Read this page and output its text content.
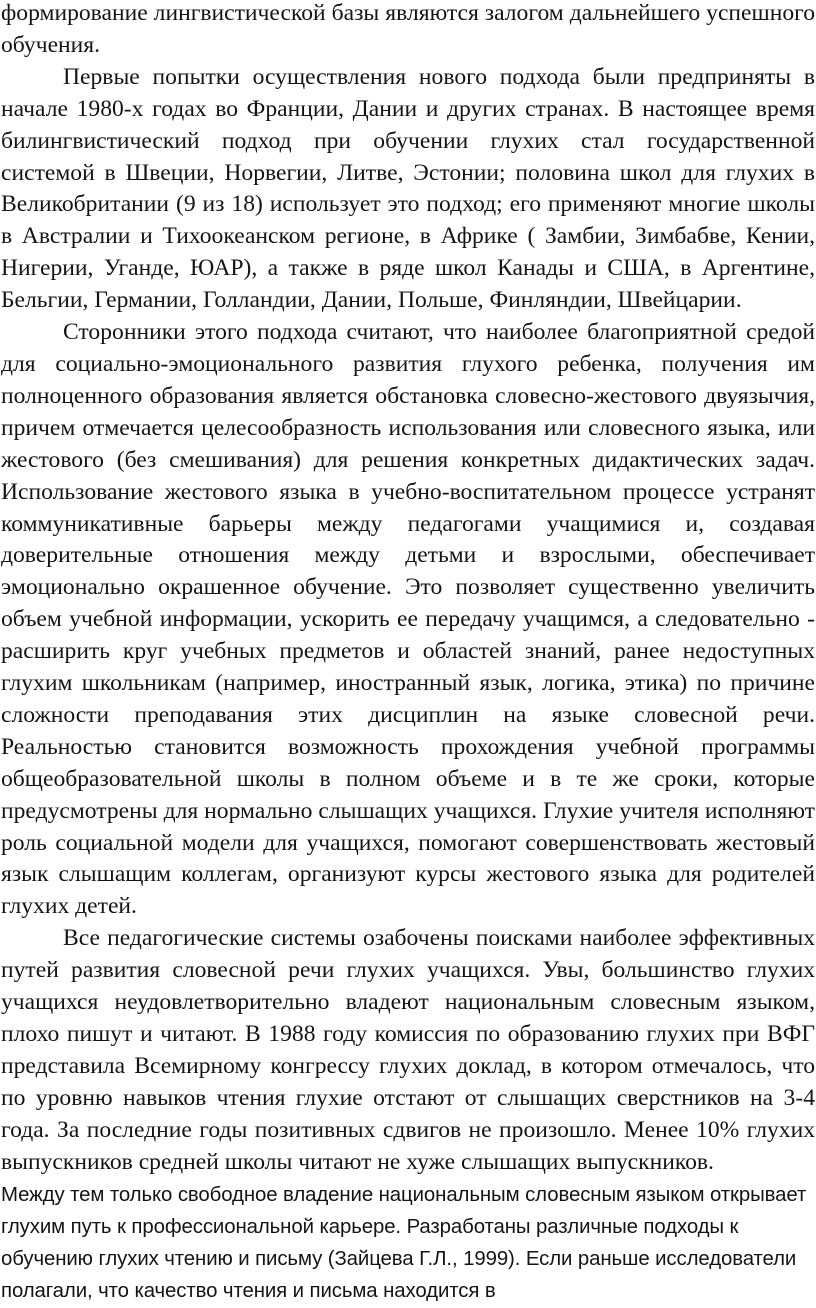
формирование лингвистической базы являются залогом дальнейшего успешного обучения.

Первые попытки осуществления нового подхода были предприняты в начале 1980-х годах во Франции, Дании и других странах. В настоящее время билингвистический подход при обучении глухих стал государственной системой в Швеции, Норвегии, Литве, Эстонии; половина школ для глухих в Великобритании (9 из 18) использует это подход; его применяют многие школы в Австралии и Тихоокеанском регионе, в Африке ( Замбии, Зимбабве, Кении, Нигерии, Уганде, ЮАР), а также в ряде школ Канады и США, в Аргентине, Бельгии, Германии, Голландии, Дании, Польше, Финляндии, Швейцарии.

Сторонники этого подхода считают, что наиболее благоприятной средой для социально-эмоционального развития глухого ребенка, получения им полноценного образования является обстановка словесно-жестового двуязычия, причем отмечается целесообразность использования или словесного языка, или жестового (без смешивания) для решения конкретных дидактических задач. Использование жестового языка в учебно-воспитательном процессе устранят коммуникативные барьеры между педагогами учащимися и, создавая доверительные отношения между детьми и взрослыми, обеспечивает эмоционально окрашенное обучение. Это позволяет существенно увеличить объем учебной информации, ускорить ее передачу учащимся, а следовательно - расширить круг учебных предметов и областей знаний, ранее недоступных глухим школьникам (например, иностранный язык, логика, этика) по причине сложности преподавания этих дисциплин на языке словесной речи. Реальностью становится возможность прохождения учебной программы общеобразовательной школы в полном объеме и в те же сроки, которые предусмотрены для нормально слышащих учащихся. Глухие учителя исполняют роль социальной модели для учащихся, помогают совершенствовать жестовый язык слышащим коллегам, организуют курсы жестового языка для родителей глухих детей.

Все педагогические системы озабочены поисками наиболее эффективных путей развития словесной речи глухих учащихся. Увы, большинство глухих учащихся неудовлетворительно владеют национальным словесным языком, плохо пишут и читают. В 1988 году комиссия по образованию глухих при ВФГ представила Всемирному конгрессу глухих доклад, в котором отмечалось, что по уровню навыков чтения глухие отстают от слышащих сверстников на 3-4 года. За последние годы позитивных сдвигов не произошло. Менее 10% глухих выпускников средней школы читают не хуже слышащих выпускников.

Между тем только свободное владение национальным словесным языком открывает глухим путь к профессиональной карьере. Разработаны различные подходы к обучению глухих чтению и письму (Зайцева Г.Л., 1999). Если раньше исследователи полагали, что качество чтения и письма находится в
